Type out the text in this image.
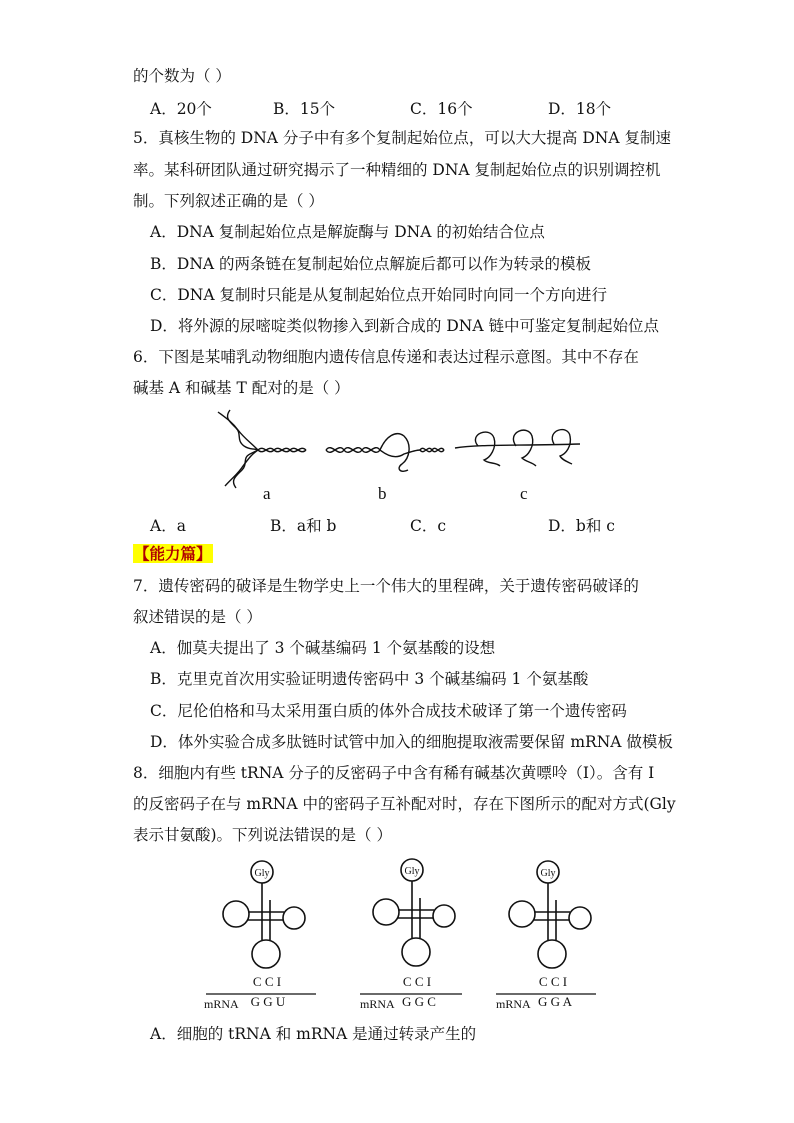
的个数为（ ）
A．20个	B．15个	C．16个	D．18个
5．真核生物的 DNA 分子中有多个复制起始位点，可以大大提高 DNA 复制速
率。某科研团队通过研究揭示了一种精细的 DNA 复制起始位点的识别调控机
制。下列叙述正确的是（ ）
A．DNA 复制起始位点是解旋酶与 DNA 的初始结合位点
B．DNA 的两条链在复制起始位点解旋后都可以作为转录的模板
C．DNA 复制时只能是从复制起始位点开始同时向同一个方向进行
D．将外源的尿嘧啶类似物掺入到新合成的 DNA 链中可鉴定复制起始位点
6．下图是某哺乳动物细胞内遗传信息传递和表达过程示意图。其中不存在
碱基 A 和碱基 T 配对的是（ ）
a	b	c
A．a	B．a和 b	C．c	D．b和 c
【能力篇】
7．遗传密码的破译是生物学史上一个伟大的里程碑，关于遗传密码破译的
叙述错误的是（ ）
A．伽莫夫提出了 3 个碱基编码 1 个氨基酸的设想
B．克里克首次用实验证明遗传密码中 3 个碱基编码 1 个氨基酸
C．尼伦伯格和马太采用蛋白质的体外合成技术破译了第一个遗传密码
D．体外实验合成多肽链时试管中加入的细胞提取液需要保留 mRNA 做模板
8．细胞内有些 tRNA 分子的反密码子中含有稀有碱基次黄嘌呤（I）。含有 I
的反密码子在与 mRNA 中的密码子互补配对时，存在下图所示的配对方式(Gly
表示甘氨酸)。下列说法错误的是（ ）
Gly
C C I
G G U
mRNA
Gly
C C I
G G C
mRNA
Gly
C C I
G G A
mRNA
A．细胞的 tRNA 和 mRNA 是通过转录产生的
